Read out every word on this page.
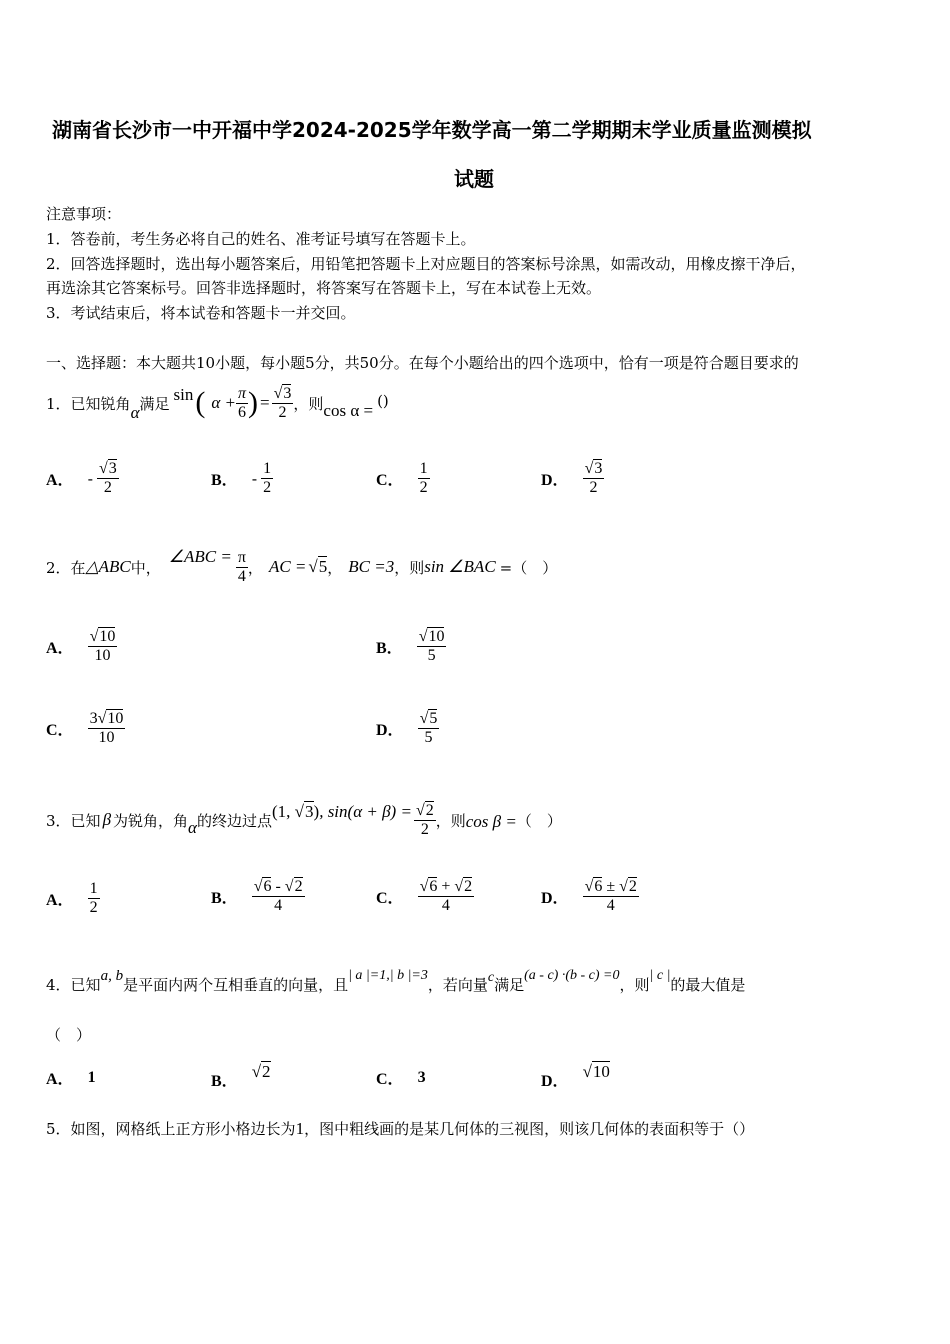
湖南省长沙市一中开福中学2024-2025学年数学高一第二学期期末学业质量监测模拟
试题
注意事项：
1．答卷前，考生务必将自己的姓名、准考证号填写在答题卡上。
2．回答选择题时，选出每小题答案后，用铅笔把答题卡上对应题目的答案标号涂黑，如需改动，用橡皮擦干净后，
再选涂其它答案标号。回答非选择题时，将答案写在答题卡上，写在本试卷上无效。
3．考试结束后，将本试卷和答题卡一并交回。
一、选择题：本大题共10小题，每小题5分，共50分。在每个小题给出的四个选项中，恰有一项是符合题目要求的
1． 已知锐角 α 满足 sin ( $\alpha + \frac{\pi}{6}$ ) = $\frac{√3}{2}$ ，则 cos α = ()
A． - $\frac{√3}{2}$	B． - $\frac{1}{2}$	C． $\frac{1}{2}$	D． $\frac{√3}{2}$
2． 在 △ABC 中，
∠ABC = $\frac{\pi}{4}$ ， AC = √5 ， BC =3 ，则 sin ∠BAC =（　）
A． $\frac{√10}{10}$	B． $\frac{√10}{5}$
C． $\frac{3√10}{10}$	D． $\frac{√5}{5}$
3． 已知 β 为锐角，角 α 的终边过点 (1, √3) , $\sin(\alpha + \beta) = \frac{√2}{2}$ ，则 cos β = （　）
A． $\frac{1}{2}$	B． $\frac{√6 - √2}{4}$	C． $\frac{√6 + √2}{4}$	D． $\frac{√6 \pm √2}{4}$
4． 已知 a, b 是平面内两个互相垂直的向量，且 | a |=1,| b |=3 ，若向量 c 满足 (a - c) ·(b - c) =0 ，则 | c | 的最大值是
（　）
A． 1	B．
√2	C． 3	D．
√10
5． 如图，网格纸上正方形小格边长为 1 ，图中粗线画的是某几何体的三视图，则该几何体的表面积等于（）
